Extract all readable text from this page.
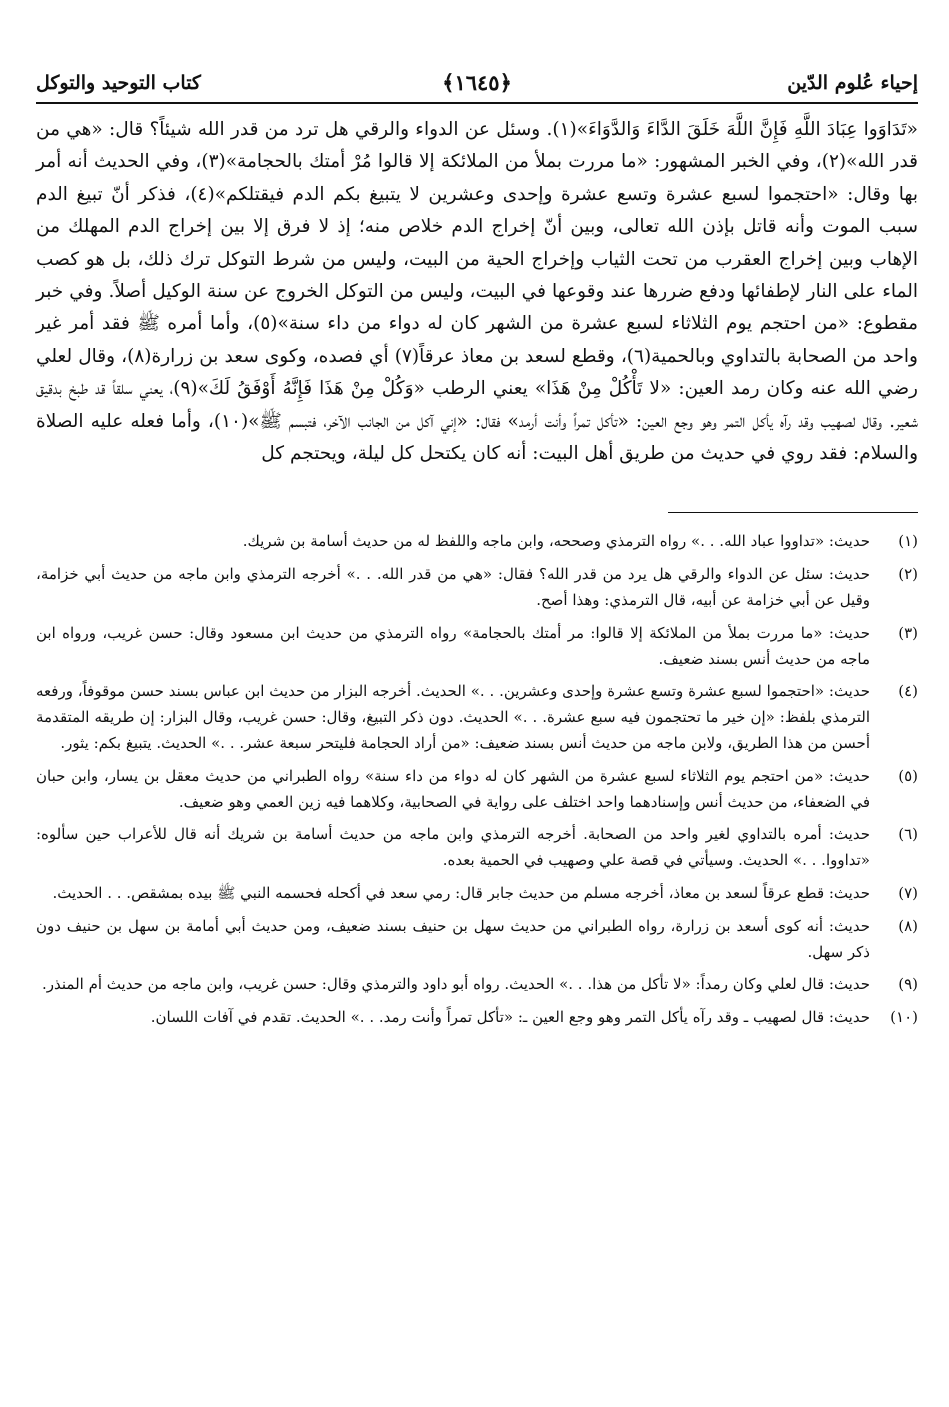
إحياء عُلوم الدّين
﴿١٦٤٥﴾
كتاب التوحيد والتوكل

«تَدَاوَوا عِبَادَ اللَّهِ فَإِنَّ اللَّهَ خَلَقَ الدَّاءَ وَالدَّوَاءَ»(١). وسئل عن الدواء والرقي هل ترد من قدر الله شيئاً؟ قال: «هي من قدر الله»(٢)، وفي الخبر المشهور: «ما مررت بملأ من الملائكة إلا قالوا مُرْ أمتك بالحجامة»(٣)، وفي الحديث أنه أمر بها وقال: «احتجموا لسبع عشرة وتسع عشرة وإحدى وعشرين لا يتبيغ بكم الدم فيقتلكم»(٤)، فذكر أنّ تبيغ الدم سبب الموت وأنه قاتل بإذن الله تعالى، وبين أنّ إخراج الدم خلاص منه؛ إذ لا فرق إلا بين إخراج الدم المهلك من الإهاب وبين إخراج العقرب من تحت الثياب وإخراج الحية من البيت، وليس من شرط التوكل ترك ذلك، بل هو كصب الماء على النار لإطفائها ودفع ضررها عند وقوعها في البيت، وليس من التوكل الخروج عن سنة الوكيل أصلاً. وفي خبر مقطوع: «من احتجم يوم الثلاثاء لسبع عشرة من الشهر كان له دواء من داء سنة»(٥)، وأما أمره ﷺ فقد أمر غير واحد من الصحابة بالتداوي وبالحمية(٦)، وقطع لسعد بن معاذ عرقاً(٧) أي فصده، وكوى سعد بن زرارة(٨)، وقال لعلي رضي الله عنه وكان رمد العين: «لا تَأْكُلْ مِنْ هَذَا» يعني الرطب «وَكُلْ مِنْ هَذَا فَإِنَّهُ أَوْفَقُ لَكَ»(٩)، يعني سلقاً قد طبخ بدقيق شعير. وقال لصهيب وقد رآه يأكل التمر وهو وجع العين: «تأكل تمراً وأنت أرمد» فقال: «إني آكل من الجانب الآخر، فتبسم ﷺ»(١٠)، وأما فعله عليه الصلاة والسلام: فقد روي في حديث من طريق أهل البيت: أنه كان يكتحل كل ليلة، ويحتجم كل

(١)
حديث: «تداووا عباد الله. . .» رواه الترمذي وصححه، وابن ماجه واللفظ له من حديث أسامة بن شريك.
(٢)
حديث: سئل عن الدواء والرقي هل يرد من قدر الله؟ فقال: «هي من قدر الله. . .» أخرجه الترمذي وابن ماجه من حديث أبي خزامة، وقيل عن أبي خزامة عن أبيه، قال الترمذي: وهذا أصح.
(٣)
حديث: «ما مررت بملأ من الملائكة إلا قالوا: مر أمتك بالحجامة» رواه الترمذي من حديث ابن مسعود وقال: حسن غريب، ورواه ابن ماجه من حديث أنس بسند ضعيف.
(٤)
حديث: «احتجموا لسبع عشرة وتسع عشرة وإحدى وعشرين. . .» الحديث. أخرجه البزار من حديث ابن عباس بسند حسن موقوفاً، ورفعه الترمذي بلفظ: «إن خير ما تحتجمون فيه سبع عشرة. . .» الحديث. دون ذكر التبيغ، وقال: حسن غريب، وقال البزار: إن طريقه المتقدمة أحسن من هذا الطريق، ولابن ماجه من حديث أنس بسند ضعيف: «من أراد الحجامة فليتحر سبعة عشر. . .» الحديث. يتبيغ بكم: يثور.
(٥)
حديث: «من احتجم يوم الثلاثاء لسبع عشرة من الشهر كان له دواء من داء سنة» رواه الطبراني من حديث معقل بن يسار، وابن حبان في الضعفاء، من حديث أنس وإسنادهما واحد اختلف على رواية في الصحابية، وكلاهما فيه زين العمي وهو ضعيف.
(٦)
حديث: أمره بالتداوي لغير واحد من الصحابة. أخرجه الترمذي وابن ماجه من حديث أسامة بن شريك أنه قال للأعراب حين سألوه: «تداووا. . .» الحديث. وسيأتي في قصة علي وصهيب في الحمية بعده.
(٧)
حديث: قطع عرقاً لسعد بن معاذ، أخرجه مسلم من حديث جابر قال: رمي سعد في أكحله فحسمه النبي ﷺ بيده بمشقص. . . الحديث.
(٨)
حديث: أنه كوى أسعد بن زرارة، رواه الطبراني من حديث سهل بن حنيف بسند ضعيف، ومن حديث أبي أمامة بن سهل بن حنيف دون ذكر سهل.
(٩)
حديث: قال لعلي وكان رمداً: «لا تأكل من هذا. . .» الحديث. رواه أبو داود والترمذي وقال: حسن غريب، وابن ماجه من حديث أم المنذر.
(١٠)
حديث: قال لصهيب ـ وقد رآه يأكل التمر وهو وجع العين ـ: «تأكل تمراً وأنت رمد. . .» الحديث. تقدم في آفات اللسان.
